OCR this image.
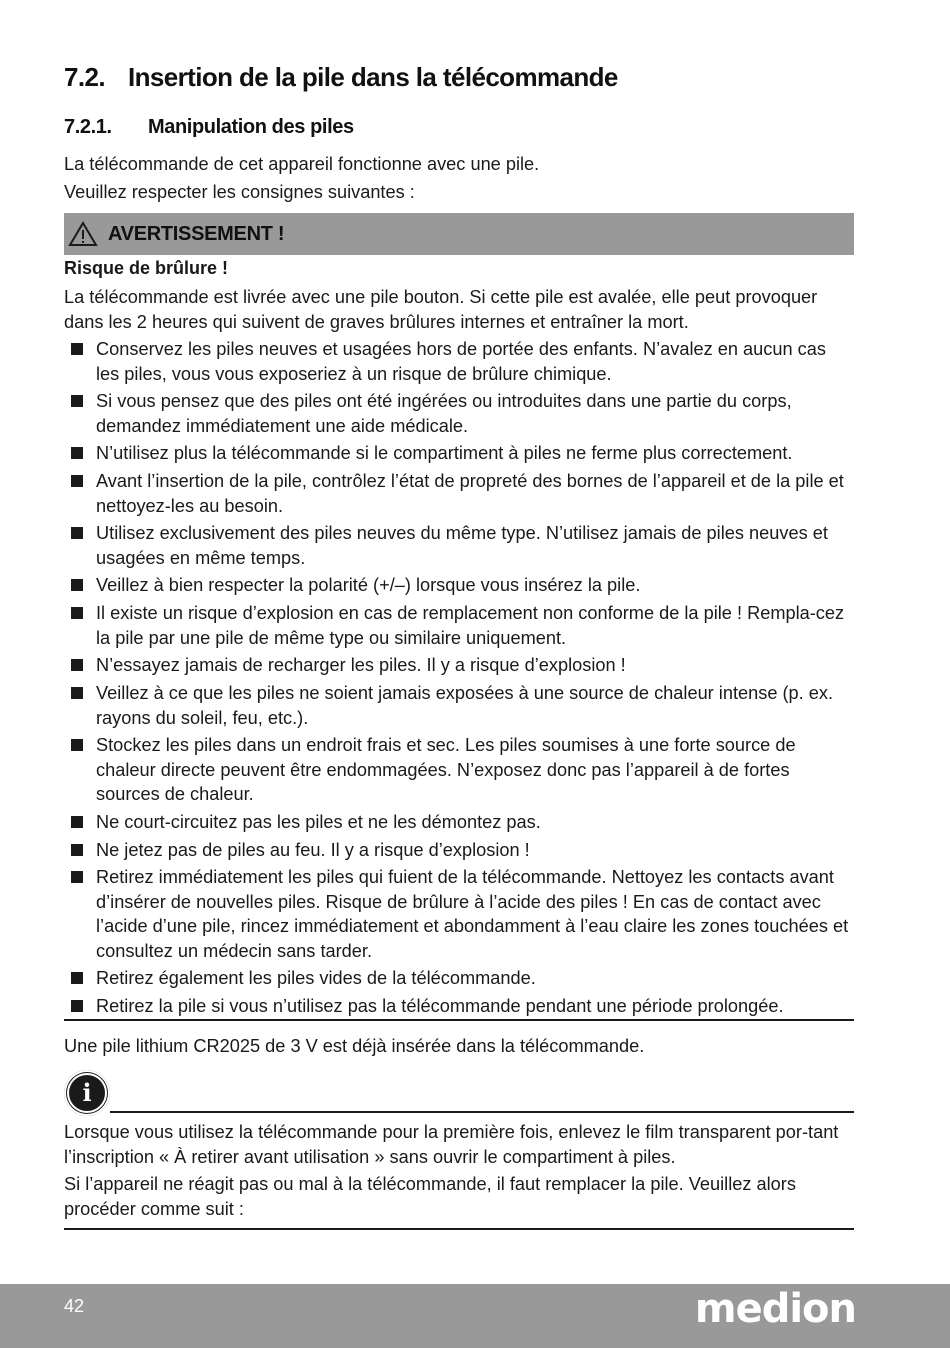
7.2. Insertion de la pile dans la télécommande
7.2.1. Manipulation des piles

La télécommande de cet appareil fonctionne avec une pile.

Veuillez respecter les consignes suivantes :

AVERTISSEMENT !

Risque de brûlure !

La télécommande est livrée avec une pile bouton. Si cette pile est avalée, elle peut provoquer dans les 2 heures qui suivent de graves brûlures internes et entraîner la mort.

Conservez les piles neuves et usagées hors de portée des enfants. N’avalez en aucun cas les piles, vous vous exposeriez à un risque de brûlure chimique.
Si vous pensez que des piles ont été ingérées ou introduites dans une partie du corps, demandez immédiatement une aide médicale.
N’utilisez plus la télécommande si le compartiment à piles ne ferme plus correctement.
Avant l’insertion de la pile, contrôlez l’état de propreté des bornes de l’appareil et de la pile et nettoyez-les au besoin.
Utilisez exclusivement des piles neuves du même type. N’utilisez jamais de piles neuves et usagées en même temps.
Veillez à bien respecter la polarité (+/–) lorsque vous insérez la pile.
Il existe un risque d’explosion en cas de remplacement non conforme de la pile ! Rempla-cez la pile par une pile de même type ou similaire uniquement.
N’essayez jamais de recharger les piles. Il y a risque d’explosion !
Veillez à ce que les piles ne soient jamais exposées à une source de chaleur intense (p. ex. rayons du soleil, feu, etc.).
Stockez les piles dans un endroit frais et sec. Les piles soumises à une forte source de chaleur directe peuvent être endommagées. N’exposez donc pas l’appareil à de fortes sources de chaleur.
Ne court-circuitez pas les piles et ne les démontez pas.
Ne jetez pas de piles au feu. Il y a risque d’explosion !
Retirez immédiatement les piles qui fuient de la télécommande. Nettoyez les contacts avant d’insérer de nouvelles piles. Risque de brûlure à l’acide des piles ! En cas de contact avec l’acide d’une pile, rincez immédiatement et abondamment à l’eau claire les zones touchées et consultez un médecin sans tarder.
Retirez également les piles vides de la télécommande.
Retirez la pile si vous n’utilisez pas la télécommande pendant une période prolongée.

Une pile lithium CR2025 de 3 V est déjà insérée dans la télécommande.

i

Lorsque vous utilisez la télécommande pour la première fois, enlevez le film transparent por-tant l’inscription « À retirer avant utilisation » sans ouvrir le compartiment à piles.

Si l’appareil ne réagit pas ou mal à la télécommande, il faut remplacer la pile. Veuillez alors procéder comme suit :

42	medion
